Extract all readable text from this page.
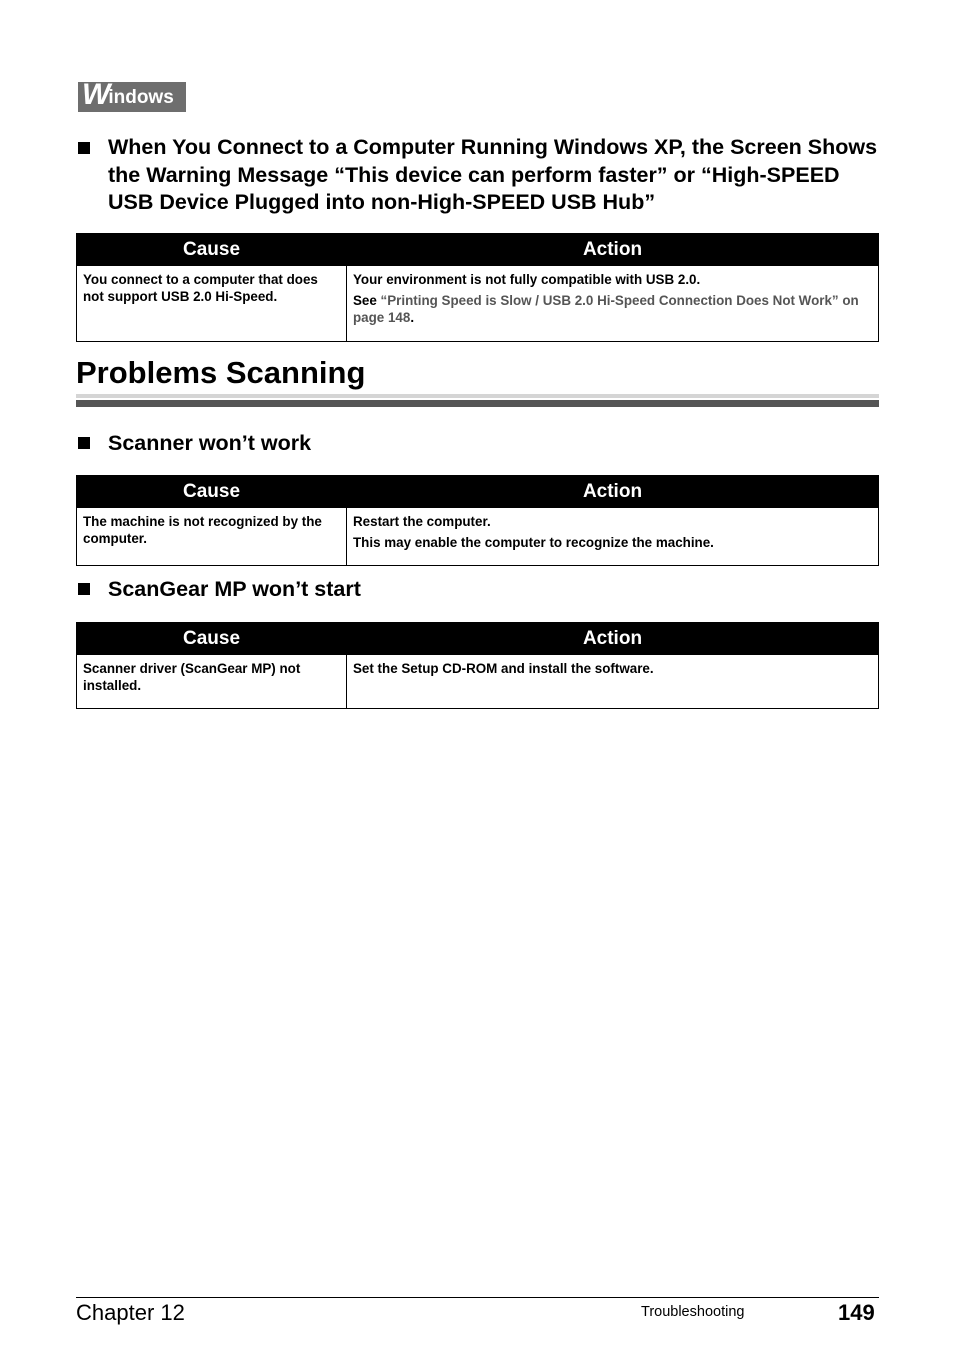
Windows
When You Connect to a Computer Running Windows XP, the Screen Shows the Warning Message “This device can perform faster” or “High-SPEED USB Device Plugged into non-High-SPEED USB Hub”
Cause	Action
You connect to a computer that does not support USB 2.0 Hi-Speed.	Your environment is not fully compatible with USB 2.0.
See “Printing Speed is Slow / USB 2.0 Hi-Speed Connection Does Not Work” on page 148.
Problems Scanning
Scanner won’t work
Cause	Action
The machine is not recognized by the computer.	Restart the computer.
This may enable the computer to recognize the machine.
ScanGear MP won’t start
Cause	Action
Scanner driver (ScanGear MP) not installed.	Set the Setup CD-ROM and install the software.
Chapter 12	Troubleshooting	149
